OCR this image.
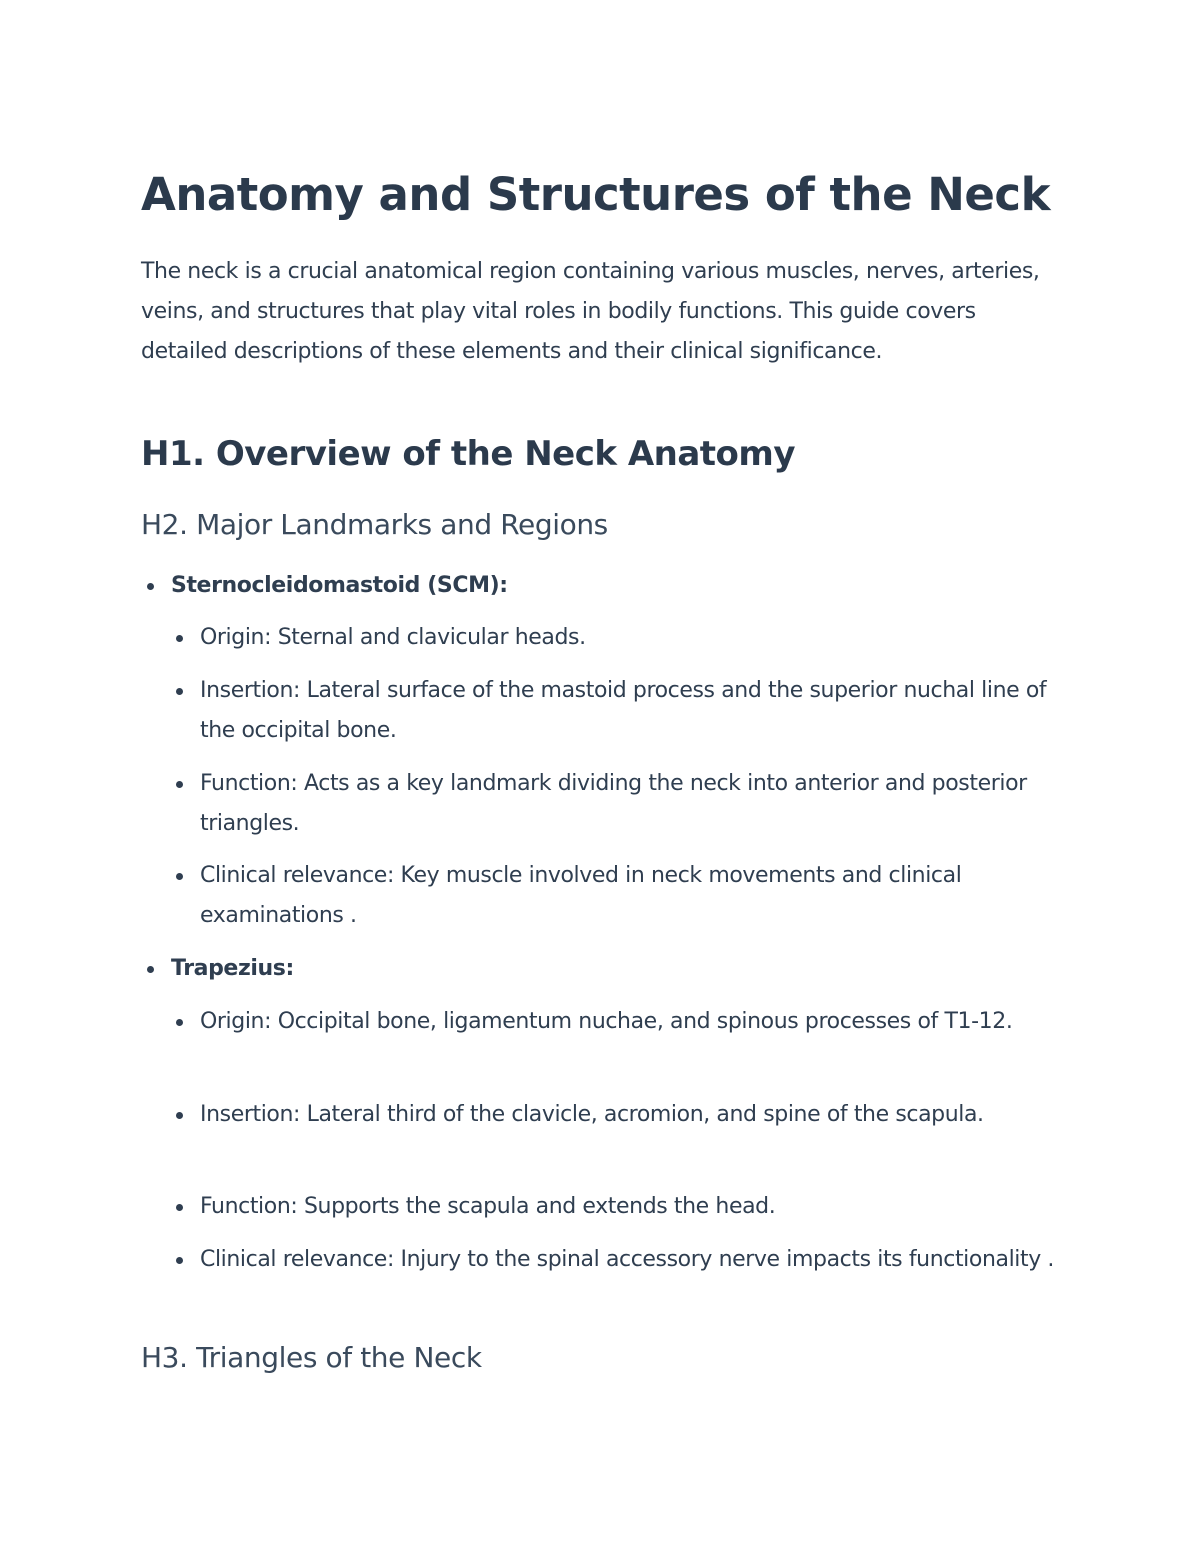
Anatomy and Structures of the Neck

The neck is a crucial anatomical region containing various muscles, nerves, arteries, veins, and structures that play vital roles in bodily functions. This guide covers detailed descriptions of these elements and their clinical significance.

H1. Overview of the Neck Anatomy
H2. Major Landmarks and Regions
Sternocleidomastoid (SCM):
Origin: Sternal and clavicular heads.
Insertion: Lateral surface of the mastoid process and the superior nuchal line of the occipital bone.
Function: Acts as a key landmark dividing the neck into anterior and posterior triangles.
Clinical relevance: Key muscle involved in neck movements and clinical examinations .
Trapezius:
Origin: Occipital bone, ligamentum nuchae, and spinous processes of T1-12.
Insertion: Lateral third of the clavicle, acromion, and spine of the scapula.
Function: Supports the scapula and extends the head.
Clinical relevance: Injury to the spinal accessory nerve impacts its functionality .
H3. Triangles of the Neck
